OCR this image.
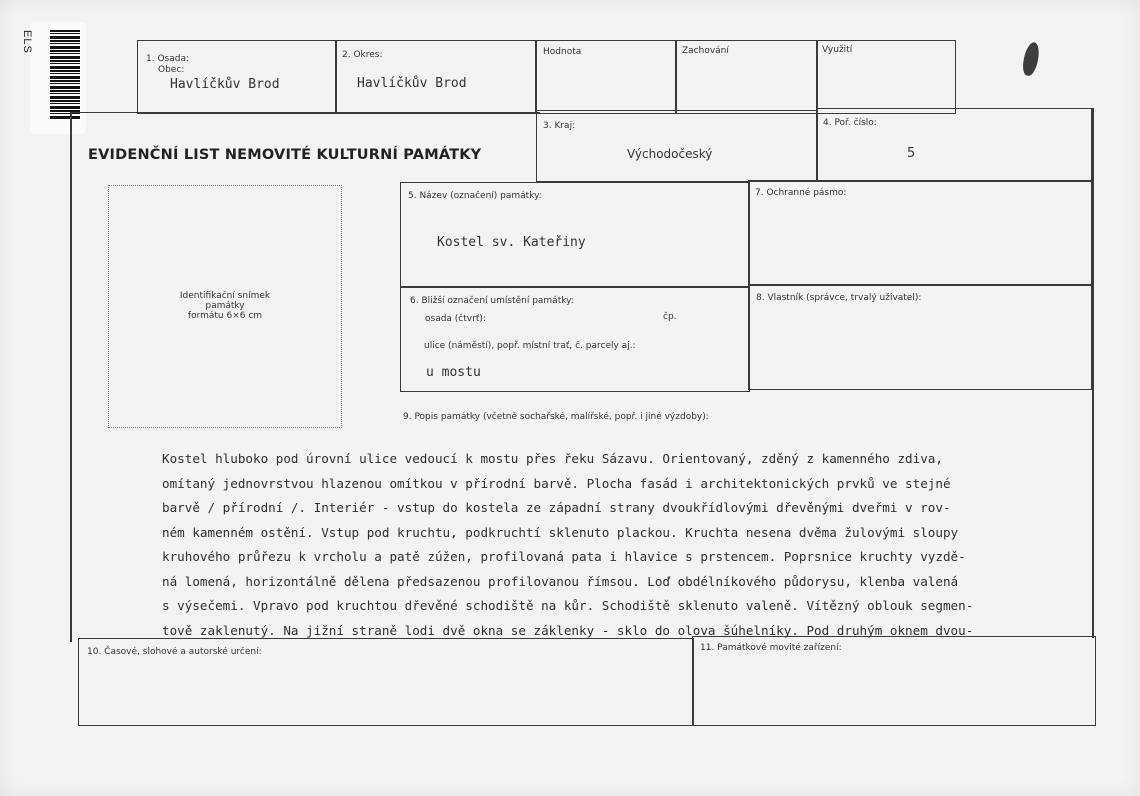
ELS
1. Osada:
Obec:
Havlíčkův Brod
2. Okres:
Havlíčkův Brod
Hodnota	Zachování	Využití
EVIDENČNÍ LIST NEMOVITÉ KULTURNÍ PAMÁTKY
3. Kraj:
Východočeský
4. Poř. číslo:
5
Identifikační snímek
památky
formátu 6×6 cm
5. Název (označení) památky:
Kostel sv. Kateřiny
7. Ochranné pásmo:
6. Bližší označení umístění památky:
osada (čtvrť):	čp.
ulice (náměstí), popř. místní trať, č. parcely aj.:
u mostu
8. Vlastník (správce, trvalý uživatel):
9. Popis památky (včetně sochařské, malířské, popř. i jiné výzdoby):
Kostel hluboko pod úrovní ulice vedoucí k mostu přes řeku Sázavu. Orientovaný, zděný z kamenného zdiva,
omítaný jednovrstvou hlazenou omítkou v přírodní barvě. Plocha fasád i architektonických prvků ve stejné
barvě / přírodní /. Interiér - vstup do kostela ze západní strany dvoukřídlovými dřevěnými dveřmi v rov-
ném kamenném ostění. Vstup pod kruchtu, podkruchtí sklenuto plackou. Kruchta nesena dvěma žulovými sloupy
kruhového průřezu k vrcholu a patě zúžen, profilovaná pata i hlavice s prstencem. Poprsnice kruchty vyzdě-
ná lomená, horizontálně dělena předsazenou profilovanou římsou. Loď obdélníkového půdorysu, klenba valená
s výsečemi. Vpravo pod kruchtou dřevěné schodiště na kůr. Schodiště sklenuto valeně. Vítězný oblouk segmen-
tově zaklenutý. Na jižní straně lodi dvě okna se záklenky - sklo do olova šúhelníky. Pod druhým oknem dvou-
10. Časové, slohové a autorské určení:	11. Památkové movité zařízení:
